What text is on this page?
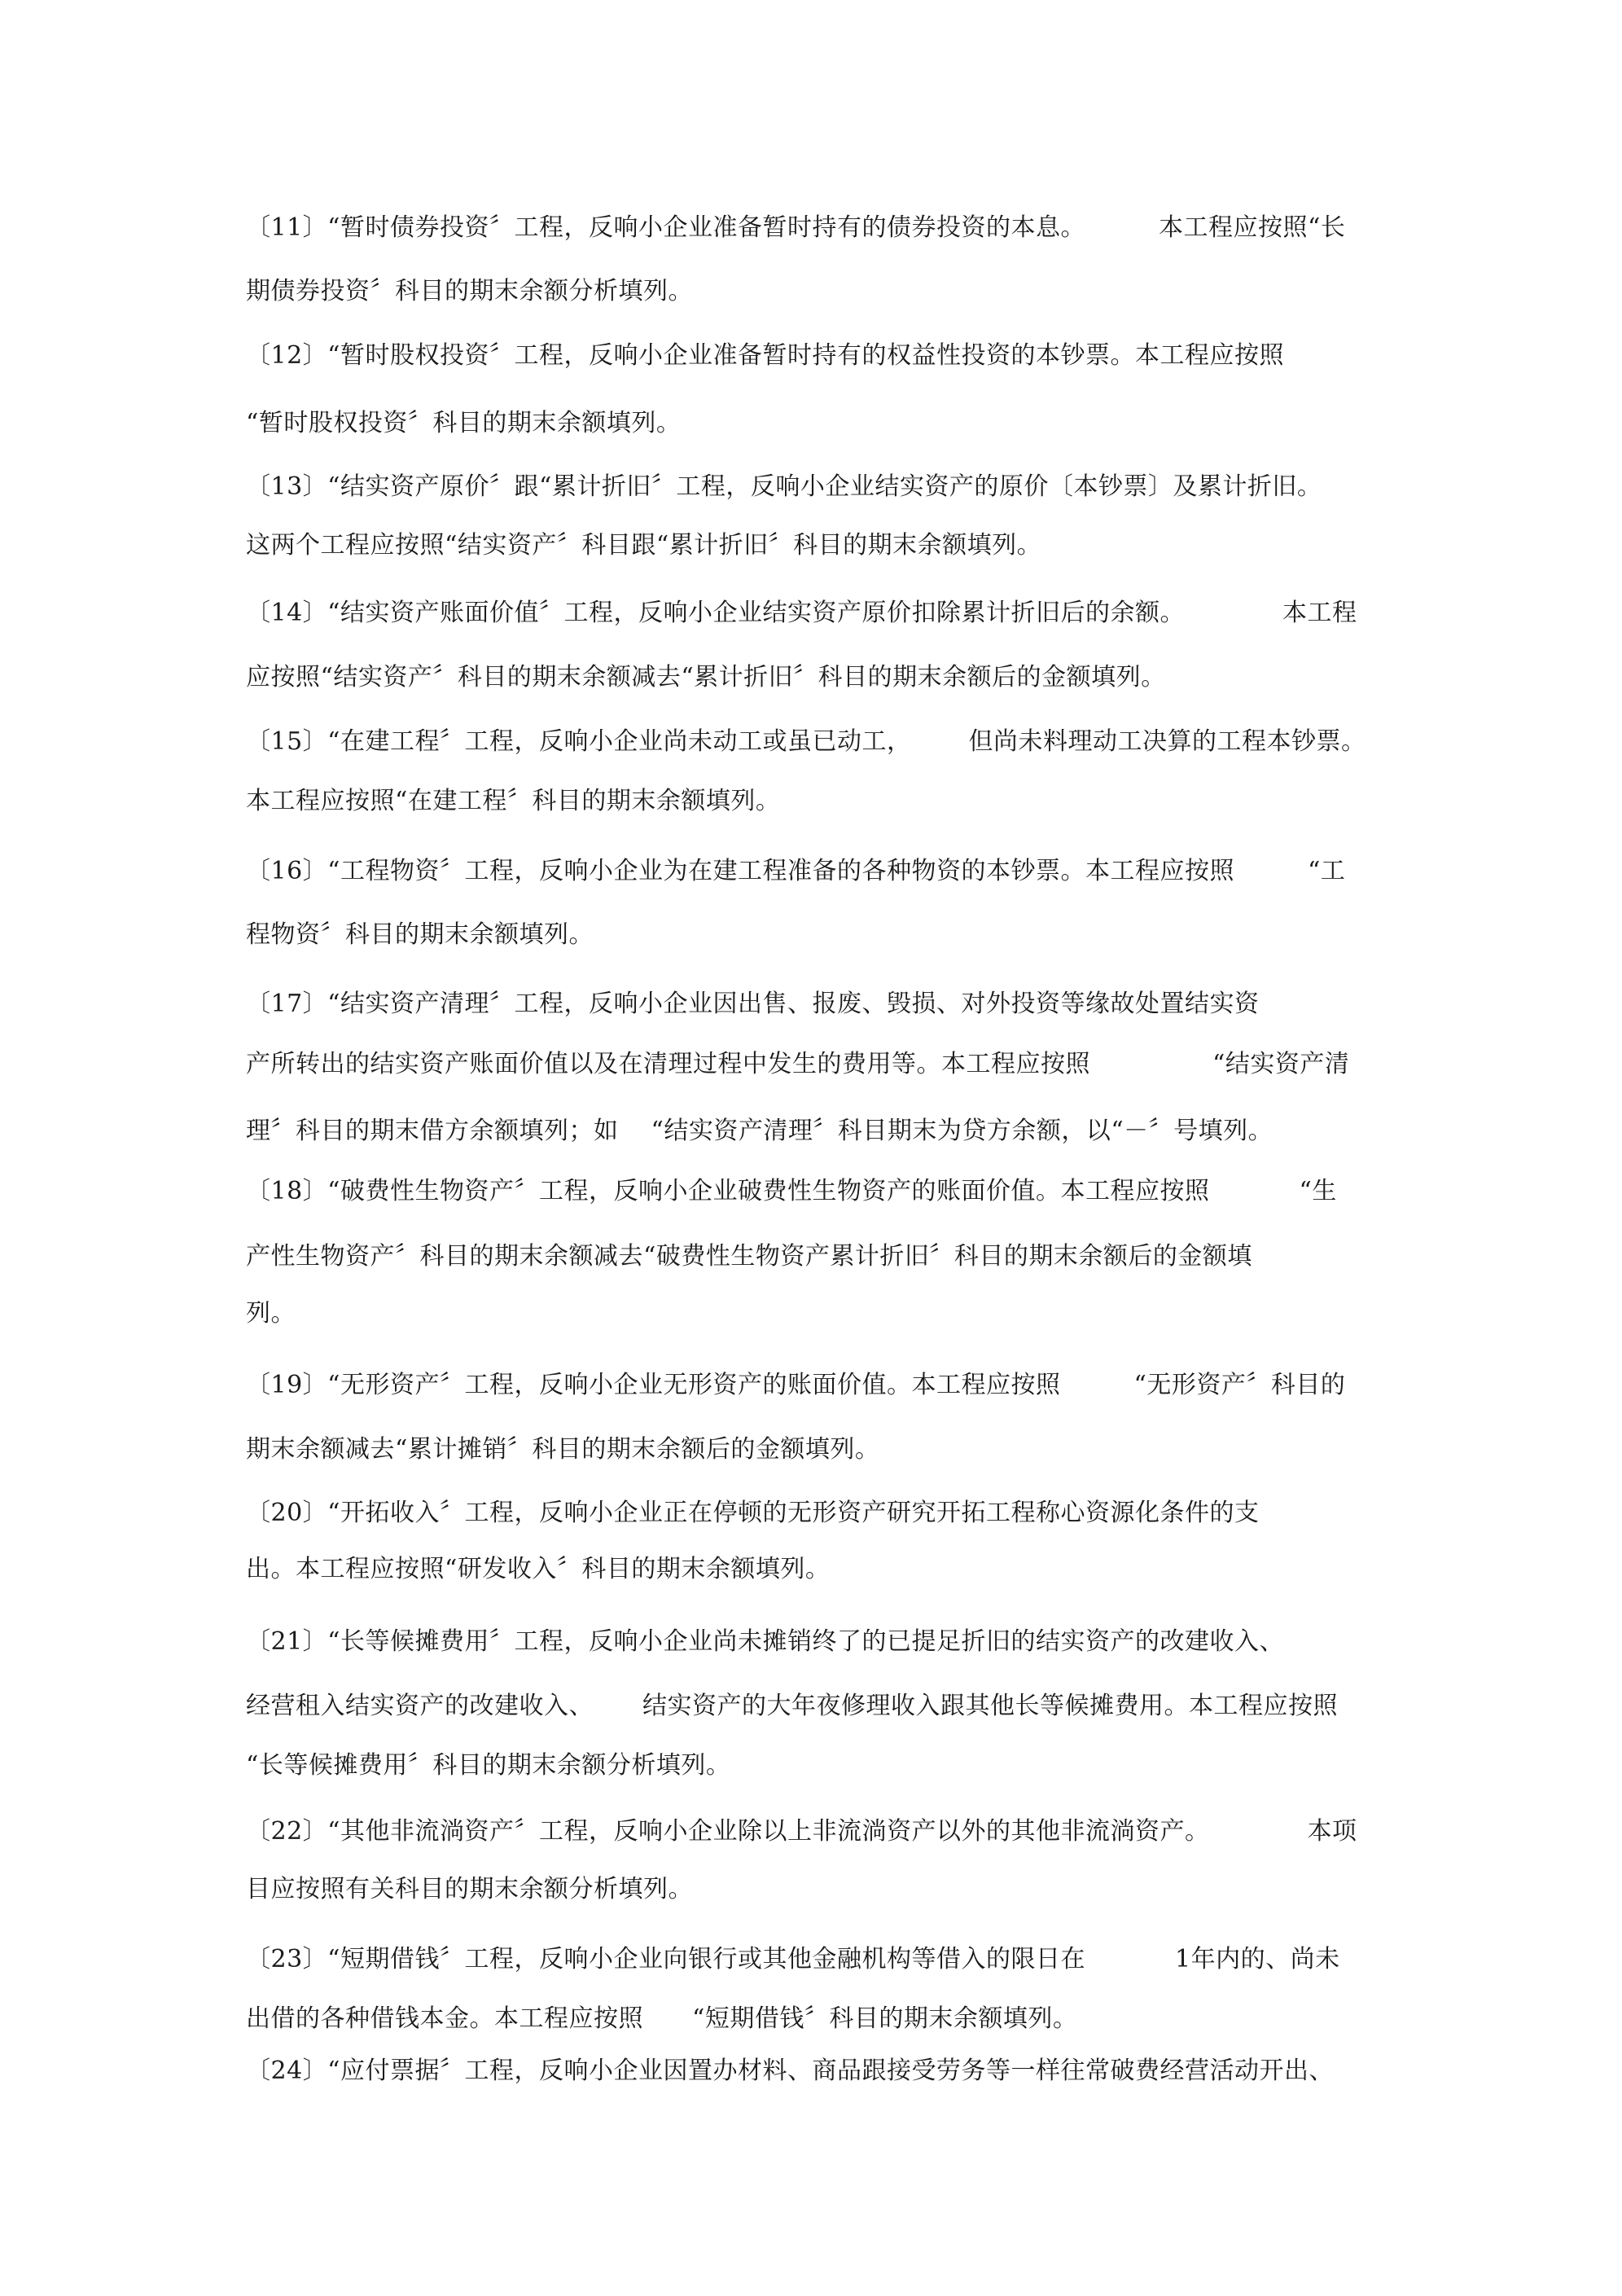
〔11〕“暂时债券投资〞工程，反响小企业准备暂时持有的债券投资的本息。	本工程应按照“长
期债券投资〞科目的期末余额分析填列。
〔12〕“暂时股权投资〞工程，反响小企业准备暂时持有的权益性投资的本钞票。本工程应按照
“暂时股权投资〞科目的期末余额填列。
〔13〕“结实资产原价〞跟“累计折旧〞工程，反响小企业结实资产的原价〔本钞票〕及累计折旧。
这两个工程应按照“结实资产〞科目跟“累计折旧〞科目的期末余额填列。
〔14〕“结实资产账面价值〞工程，反响小企业结实资产原价扣除累计折旧后的余额。	本工程
应按照“结实资产〞科目的期末余额减去“累计折旧〞科目的期末余额后的金额填列。
〔15〕“在建工程〞工程，反响小企业尚未动工或虽已动工， 但尚未料理动工决算的工程本钞票。
本工程应按照“在建工程〞科目的期末余额填列。
〔16〕“工程物资〞工程，反响小企业为在建工程准备的各种物资的本钞票。本工程应按照	“工
程物资〞科目的期末余额填列。
〔17〕“结实资产清理〞工程，反响小企业因出售、报废、毁损、对外投资等缘故处置结实资
产所转出的结实资产账面价值以及在清理过程中发生的费用等。本工程应按照	“结实资产清
理〞科目的期末借方余额填列；如 “结实资产清理〞科目期末为贷方余额，以“－〞号填列。
〔18〕“破费性生物资产〞工程，反响小企业破费性生物资产的账面价值。本工程应按照	“生
产性生物资产〞科目的期末余额减去“破费性生物资产累计折旧〞科目的期末余额后的金额填
列。
〔19〕“无形资产〞工程，反响小企业无形资产的账面价值。本工程应按照	“无形资产〞科目的
期末余额减去“累计摊销〞科目的期末余额后的金额填列。
〔20〕“开拓收入〞工程，反响小企业正在停顿的无形资产研究开拓工程称心资源化条件的支
出。本工程应按照“研发收入〞科目的期末余额填列。
〔21〕“长等候摊费用〞工程，反响小企业尚未摊销终了的已提足折旧的结实资产的改建收入、
经营租入结实资产的改建收入、 结实资产的大年夜修理收入跟其他长等候摊费用。本工程应按照
“长等候摊费用〞科目的期末余额分析填列。
〔22〕“其他非流淌资产〞工程，反响小企业除以上非流淌资产以外的其他非流淌资产。	本项
目应按照有关科目的期末余额分析填列。
〔23〕“短期借钱〞工程，反响小企业向银行或其他金融机构等借入的限日在	1年内的、尚未
出借的各种借钱本金。本工程应按照 “短期借钱〞科目的期末余额填列。
〔24〕“应付票据〞工程，反响小企业因置办材料、商品跟接受劳务等一样往常破费经营活动开出、
